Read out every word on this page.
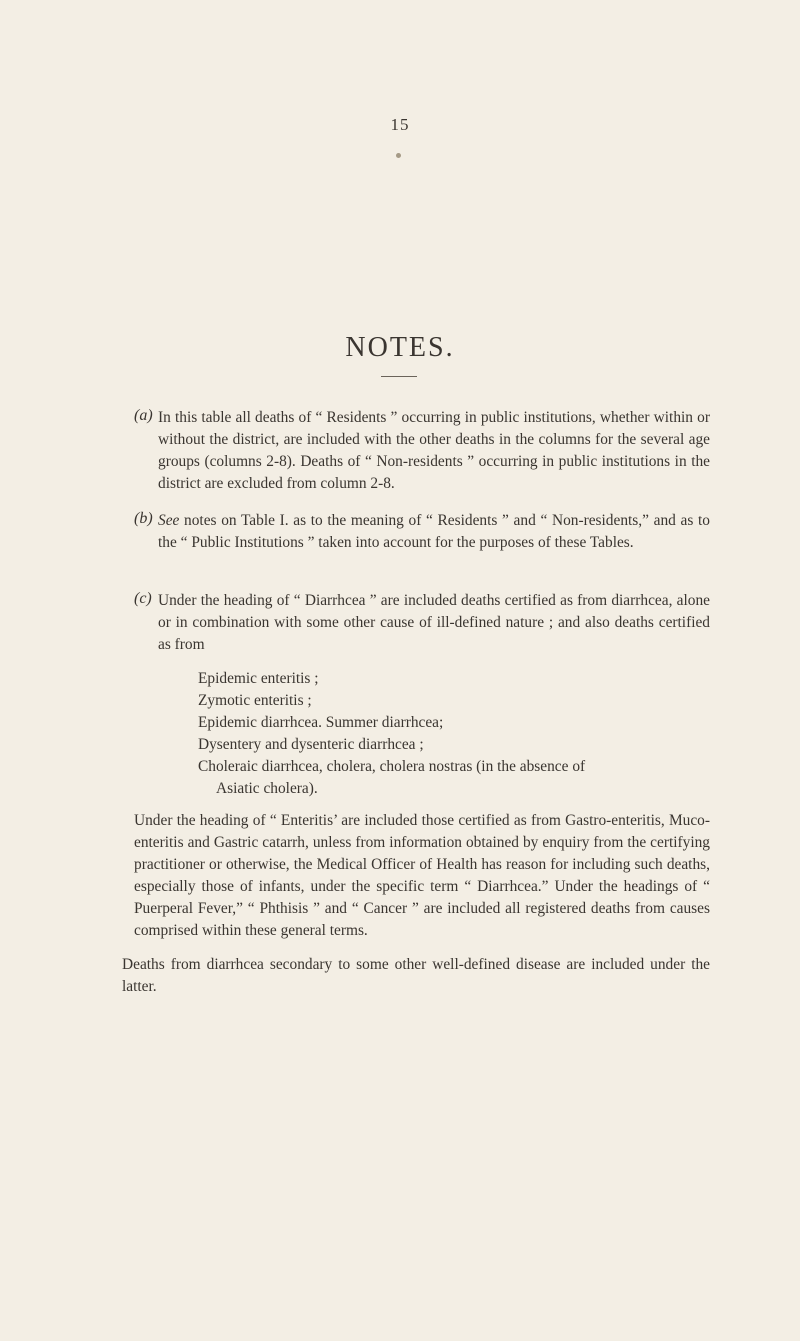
15
NOTES.
(a) In this table all deaths of “ Residents ” occurring in public institutions, whether within or without the district, are included with the other deaths in the columns for the several age groups (columns 2-8). Deaths of “ Non-residents ” occurring in public institutions in the district are excluded from column 2-8.
(b) See notes on Table I. as to the meaning of “ Residents ” and “ Non-residents,” and as to the “ Public Institutions ” taken into account for the purposes of these Tables.
(c) Under the heading of “ Diarrhcea ” are included deaths certified as from diarrhcea, alone or in combination with some other cause of ill-defined nature ; and also deaths certified as from
Epidemic enteritis ;
Zymotic enteritis ;
Epidemic diarrhcea. Summer diarrhcea;
Dysentery and dysenteric diarrhcea ;
Choleraic diarrhcea, cholera, cholera nostras (in the absence of
Asiatic cholera).
Under the heading of “ Enteritis’ are included those certified as from Gastro-enteritis, Muco-enteritis and Gastric catarrh, unless from information obtained by enquiry from the certifying practitioner or otherwise, the Medical Officer of Health has reason for including such deaths, especially those of infants, under the specific term “ Diarrhcea.” Under the headings of “ Puerperal Fever,” “ Phthisis ” and “ Cancer ” are included all registered deaths from causes comprised within these general terms.
Deaths from diarrhcea secondary to some other well-defined disease are included under the latter.
